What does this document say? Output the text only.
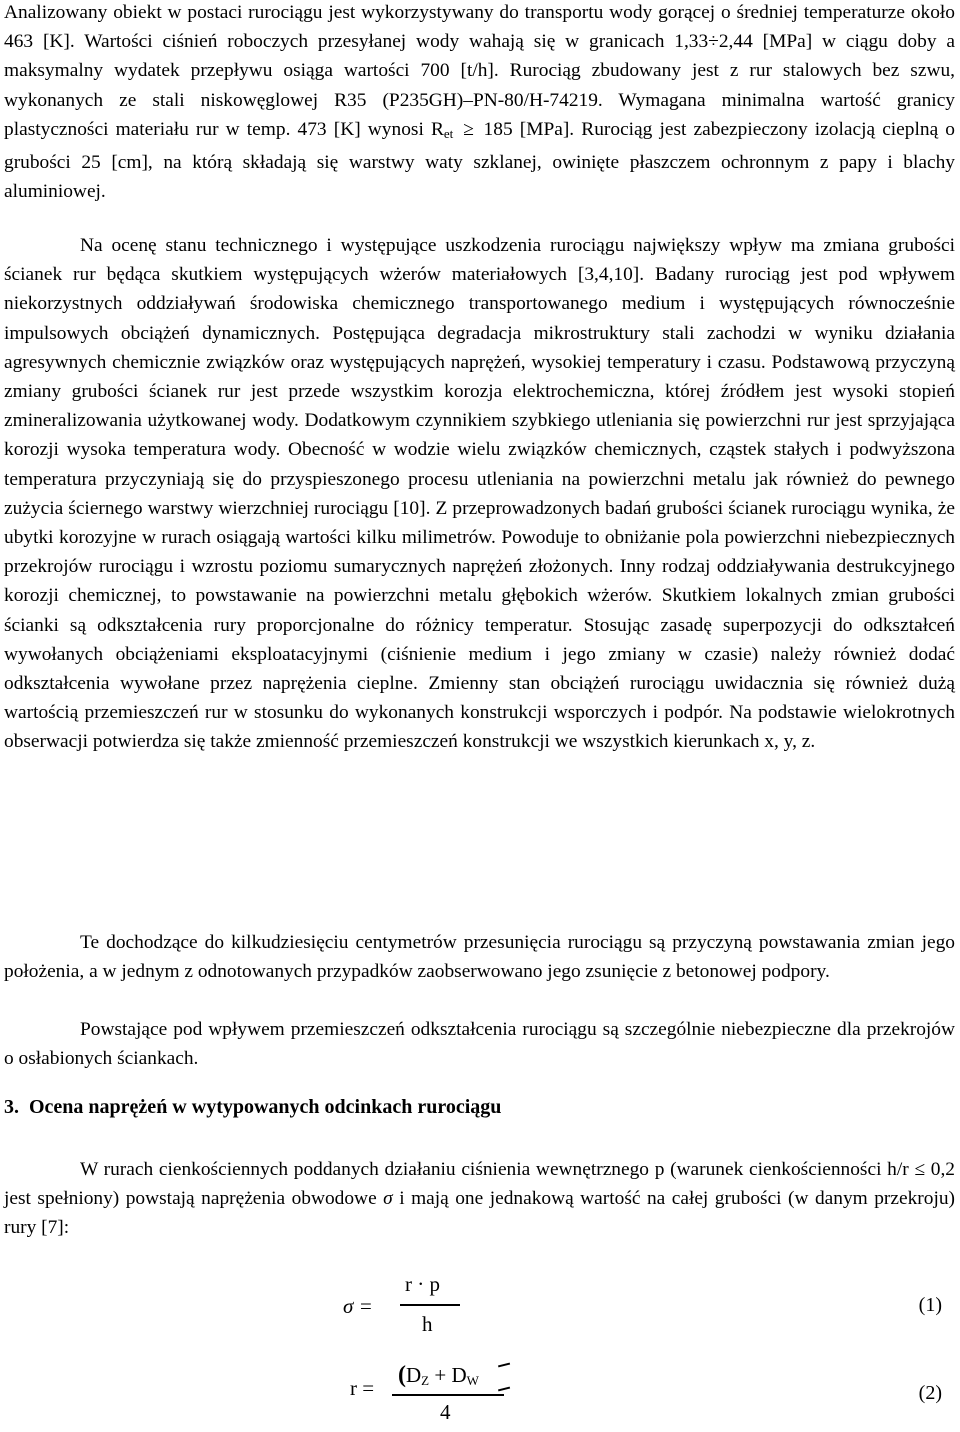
Analizowany obiekt w postaci rurociągu jest wykorzystywany do transportu wody gorącej o średniej temperaturze około 463 [K]. Wartości ciśnień roboczych przesyłanej wody wahają się w granicach 1,33÷2,44 [MPa] w ciągu doby a maksymalny wydatek przepływu osiąga wartości 700 [t/h]. Rurociąg zbudowany jest z rur stalowych bez szwu, wykonanych ze stali niskowęglowej R35 (P235GH)–PN-80/H-74219. Wymagana minimalna wartość granicy plastyczności materiału rur w temp. 473 [K] wynosi $R_{et} \ge 185$ [MPa]. Rurociąg jest zabezpieczony izolacją cieplną o grubości 25 [cm], na którą składają się warstwy waty szklanej, owinięte płaszczem ochronnym z papy i blachy aluminiowej.

Na ocenę stanu technicznego i występujące uszkodzenia rurociągu największy wpływ ma zmiana grubości ścianek rur będąca skutkiem występujących wżerów materiałowych [3,4,10]. Badany rurociąg jest pod wpływem niekorzystnych oddziaływań środowiska chemicznego transportowanego medium i występujących równocześnie impulsowych obciążeń dynamicznych. Postępująca degradacja mikrostruktury stali zachodzi w wyniku działania agresywnych chemicznie związków oraz występujących naprężeń, wysokiej temperatury i czasu. Podstawową przyczyną zmiany grubości ścianek rur jest przede wszystkim korozja elektrochemiczna, której źródłem jest wysoki stopień zmineralizowania użytkowanej wody. Dodatkowym czynnikiem szybkiego utleniania się powierzchni rur jest sprzyjająca korozji wysoka temperatura wody. Obecność w wodzie wielu związków chemicznych, cząstek stałych i podwyższona temperatura przyczyniają się do przyspieszonego procesu utleniania na powierzchni metalu jak również do pewnego zużycia ściernego warstwy wierzchniej rurociągu [10]. Z przeprowadzonych badań grubości ścianek rurociągu wynika, że ubytki korozyjne w rurach osiągają wartości kilku milimetrów. Powoduje to obniżanie pola powierzchni niebezpiecznych przekrojów rurociągu i wzrostu poziomu sumarycznych naprężeń złożonych. Inny rodzaj oddziaływania destrukcyjnego korozji chemicznej, to powstawanie na powierzchni metalu głębokich wżerów. Skutkiem lokalnych zmian grubości ścianki są odkształcenia rury proporcjonalne do różnicy temperatur. Stosując zasadę superpozycji do odkształceń wywołanych obciążeniami eksploatacyjnymi (ciśnienie medium i jego zmiany w czasie) należy również dodać odkształcenia wywołane przez naprężenia cieplne. Zmienny stan obciążeń rurociągu uwidacznia się również dużą wartością przemieszczeń rur w stosunku do wykonanych konstrukcji wsporczych i podpór. Na podstawie wielokrotnych obserwacji potwierdza się także zmienność przemieszczeń konstrukcji we wszystkich kierunkach x, y, z.

Te dochodzące do kilkudziesięciu centymetrów przesunięcia rurociągu są przyczyną powstawania zmian jego położenia, a w jednym z odnotowanych przypadków zaobserwowano jego zsunięcie z betonowej podpory.

Powstające pod wpływem przemieszczeń odkształcenia rurociągu są szczególnie niebezpieczne dla przekrojów o osłabionych ściankach.

3. Ocena naprężeń w wytypowanych odcinkach rurociągu

W rurach cienkościennych poddanych działaniu ciśnienia wewnętrznego p (warunek cienkościenności h/r ≤ 0,2 jest spełniony) powstają naprężenia obwodowe σ i mają one jednakową wartość na całej grubości (w danym przekroju) rury [7]:

σ =
r · p
h
(1)
$r = (D_Z + D_W$
4
(2)
